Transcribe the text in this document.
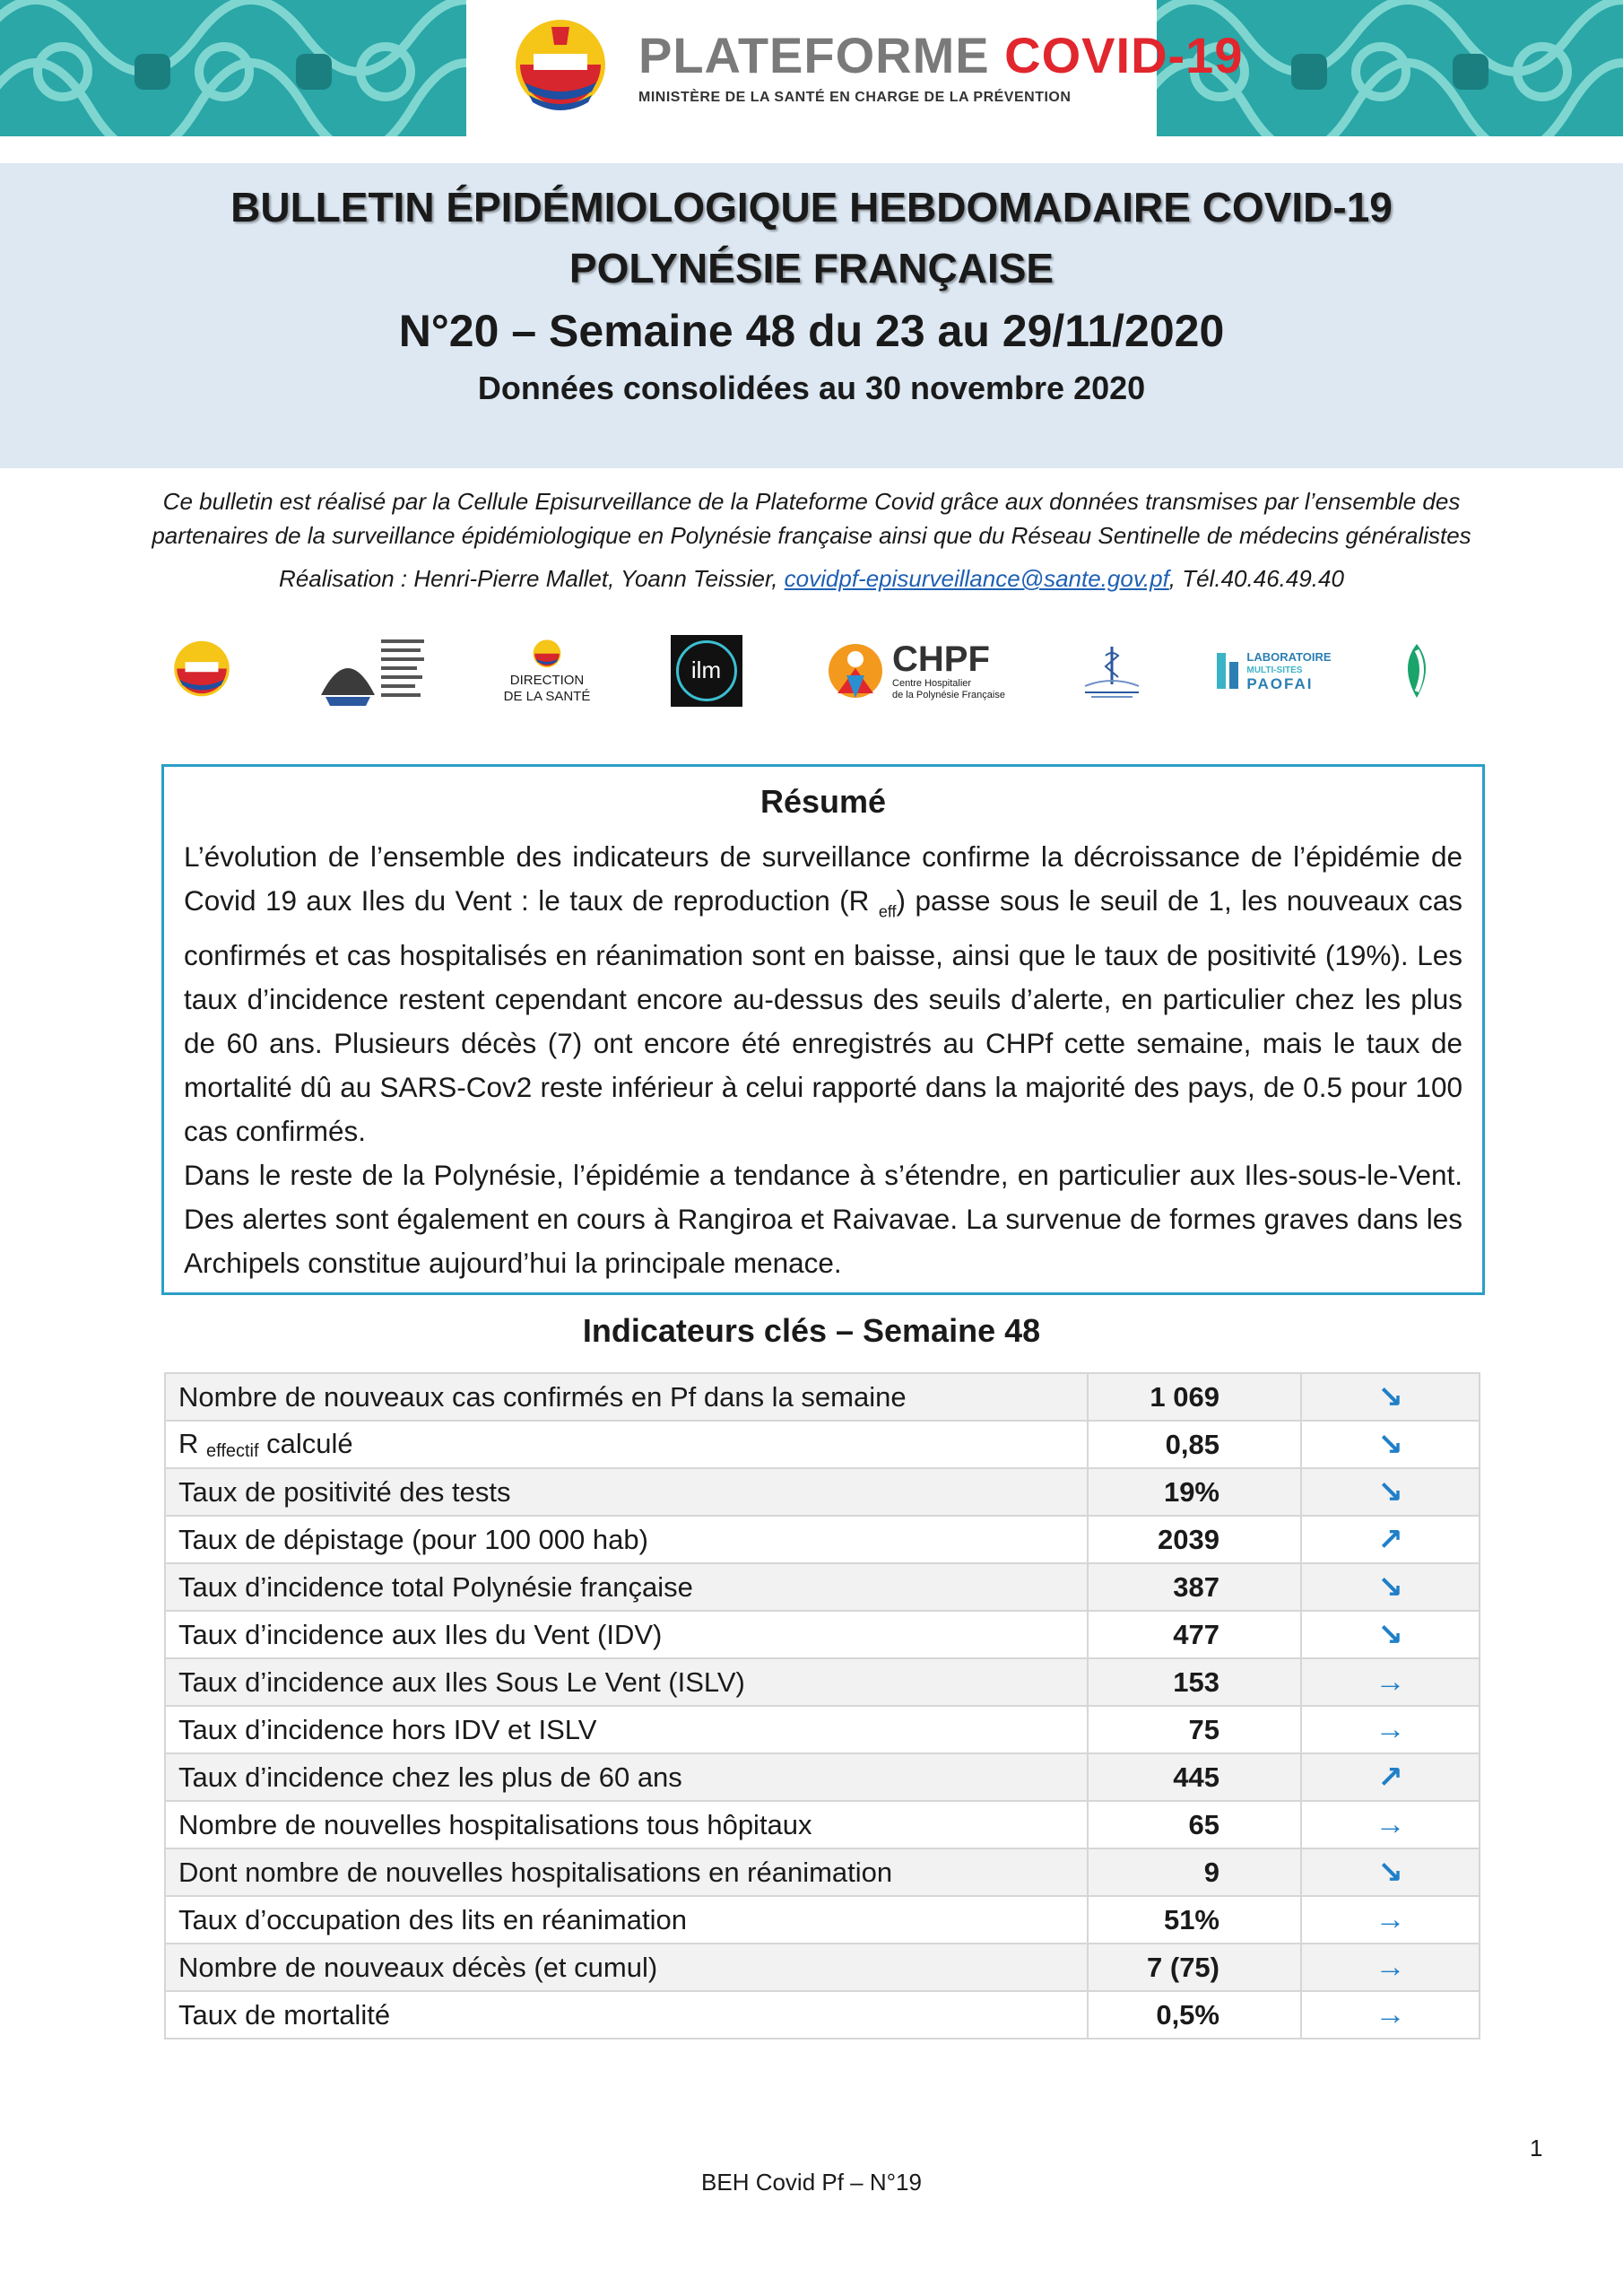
PLATEFORME COVID-19
MINISTÈRE DE LA SANTÉ EN CHARGE DE LA PRÉVENTION
BULLETIN ÉPIDÉMIOLOGIQUE HEBDOMADAIRE COVID-19
POLYNÉSIE FRANÇAISE
N°20 – Semaine 48 du 23 au 29/11/2020
Données consolidées au 30 novembre 2020
Ce bulletin est réalisé par la Cellule Episurveillance de la Plateforme Covid grâce aux données transmises par l’ensemble des
partenaires de la surveillance épidémiologique en Polynésie française ainsi que du Réseau Sentinelle de médecins généralistes
Réalisation : Henri-Pierre Mallet, Yoann Teissier, covidpf-episurveillance@sante.gov.pf, Tél.40.46.49.40
DIRECTION
DE LA SANTÉ
ilm	CHPF
Centre Hospitalier
de la Polynésie Française
LABORATOIRE
MULTI-SITES
PAOFAI
Résumé
L’évolution de l’ensemble des indicateurs de surveillance confirme la décroissance de l’épidémie de Covid 19 aux Iles du Vent : le taux de reproduction (R $_{eff}$) passe sous le seuil de 1, les nouveaux cas confirmés et cas hospitalisés en réanimation sont en baisse, ainsi que le taux de positivité (19%). Les taux d’incidence restent cependant encore au-dessus des seuils d’alerte, en particulier chez les plus de 60 ans. Plusieurs décès (7) ont encore été enregistrés au CHPf cette semaine, mais le taux de mortalité dû au SARS-Cov2 reste inférieur à celui rapporté dans la majorité des pays, de 0.5 pour 100 cas confirmés.
Dans le reste de la Polynésie, l’épidémie a tendance à s’étendre, en particulier aux Iles-sous-le-Vent. Des alertes sont également en cours à Rangiroa et Raivavae. La survenue de formes graves dans les Archipels constitue aujourd’hui la principale menace.
Indicateurs clés – Semaine 48
Nombre de nouveaux cas confirmés en Pf dans la semaine	1 069	↘
R $_{effectif}$ calculé	0,85	↘
Taux de positivité des tests	19%	↘
Taux de dépistage (pour 100 000 hab)	2039	↗
Taux d’incidence total Polynésie française	387	↘
Taux d’incidence aux Iles du Vent (IDV)	477	↘
Taux d’incidence aux Iles Sous Le Vent (ISLV)	153	→
Taux d’incidence hors IDV et ISLV	75	→
Taux d’incidence chez les plus de 60 ans	445	↗
Nombre de nouvelles hospitalisations tous hôpitaux	65	→
Dont nombre de nouvelles hospitalisations en réanimation	9	↘
Taux d’occupation des lits en réanimation	51%	→
Nombre de nouveaux décès (et cumul)	7 (75)	→
Taux de mortalité	0,5%	→
1
BEH Covid Pf – N°19
